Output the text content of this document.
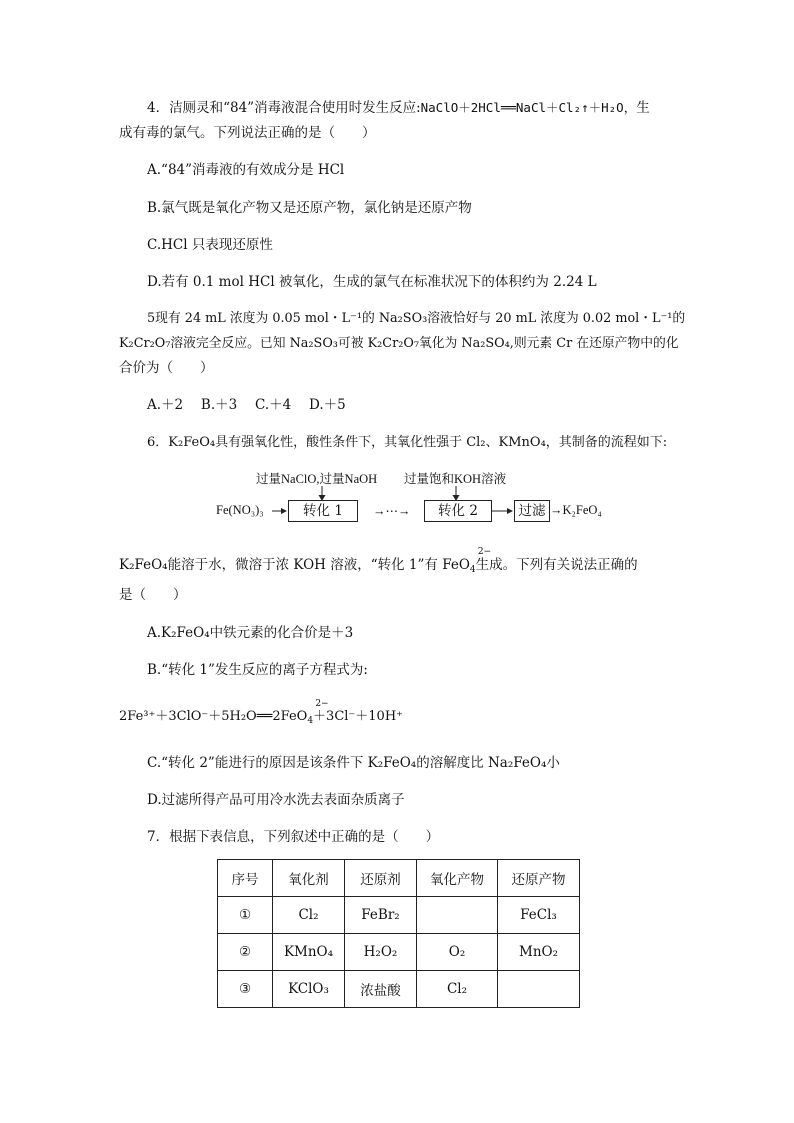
4．洁厕灵和“84”消毒液混合使用时发生反应:NaClO＋2HCl══NaCl＋Cl₂↑＋H₂O，生
成有毒的氯气。下列说法正确的是（　　）
A.“84”消毒液的有效成分是 HCl
B.氯气既是氧化产物又是还原产物，氯化钠是还原产物
C.HCl 只表现还原性
D.若有 0.1 mol HCl 被氧化，生成的氯气在标准状况下的体积约为 2.24 L
5现有 24 mL 浓度为 0.05 mol・L⁻¹的 Na₂SO₃溶液恰好与 20 mL 浓度为 0.02 mol・L⁻¹的
K₂Cr₂O₇溶液完全反应。已知 Na₂SO₃可被 K₂Cr₂O₇氧化为 Na₂SO₄,则元素 Cr 在还原产物中的化
合价为（　　）
A.＋2　 B.＋3　 C.＋4　 D.＋5
6．K₂FeO₄具有强氧化性，酸性条件下，其氧化性强于 Cl₂、KMnO₄，其制备的流程如下:
过量NaClO,过量NaOH 过量饱和KOH溶液
Fe(NO₃)₃	转化 1	→⋯→	转化 2	过滤 →K₂FeO₄
K₂FeO₄能溶于水，微溶于浓 KOH 溶液，“转化 1”有 FeO$_4$
2−
生成。下列有关说法正确的
是（　　）
A.K₂FeO₄中铁元素的化合价是＋3
B.“转化 1”发生反应的离子方程式为:
2Fe³⁺＋3ClO⁻＋5H₂O══2FeO$_4$
2−
＋3Cl⁻＋10H⁺
C.“转化 2”能进行的原因是该条件下 K₂FeO₄的溶解度比 Na₂FeO₄小
D.过滤所得产品可用冷水洗去表面杂质离子
7．根据下表信息，下列叙述中正确的是（　　）
序号	氧化剂	还原剂	氧化产物	还原产物
①	Cl₂	FeBr₂		FeCl₃
②	KMnO₄	H₂O₂	O₂	MnO₂
③	KClO₃	浓盐酸	Cl₂	
